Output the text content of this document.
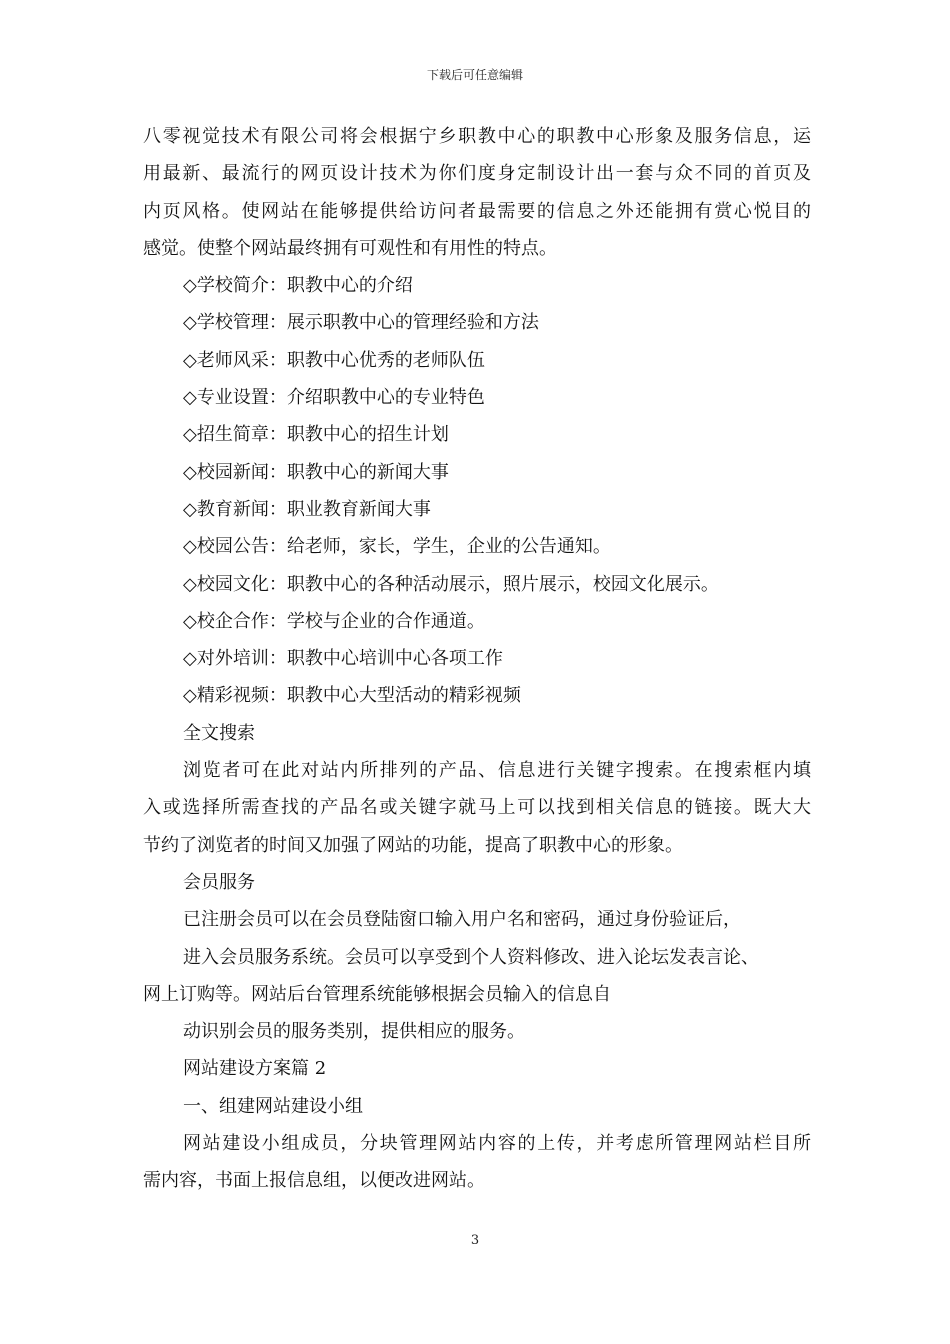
下载后可任意编辑
八零视觉技术有限公司将会根据宁乡职教中心的职教中心形象及服务信息，运
用最新、最流行的网页设计技术为你们度身定制设计出一套与众不同的首页及
内页风格。使网站在能够提供给访问者最需要的信息之外还能拥有赏心悦目的
感觉。使整个网站最终拥有可观性和有用性的特点。
◇学校简介：职教中心的介绍
◇学校管理：展示职教中心的管理经验和方法
◇老师风采：职教中心优秀的老师队伍
◇专业设置：介绍职教中心的专业特色
◇招生简章：职教中心的招生计划
◇校园新闻：职教中心的新闻大事
◇教育新闻：职业教育新闻大事
◇校园公告：给老师，家长，学生，企业的公告通知。
◇校园文化：职教中心的各种活动展示，照片展示，校园文化展示。
◇校企合作：学校与企业的合作通道。
◇对外培训：职教中心培训中心各项工作
◇精彩视频：职教中心大型活动的精彩视频
全文搜索
浏览者可在此对站内所排列的产品、信息进行关键字搜索。在搜索框内填
入或选择所需查找的产品名或关键字就马上可以找到相关信息的链接。既大大
节约了浏览者的时间又加强了网站的功能，提高了职教中心的形象。
会员服务
已注册会员可以在会员登陆窗口输入用户名和密码，通过身份验证后，
进入会员服务系统。会员可以享受到个人资料修改、进入论坛发表言论、
网上订购等。网站后台管理系统能够根据会员输入的信息自
动识别会员的服务类别，提供相应的服务。
网站建设方案篇 2
一、组建网站建设小组
网站建设小组成员，分块管理网站内容的上传，并考虑所管理网站栏目所
需内容，书面上报信息组，以便改进网站。
3
